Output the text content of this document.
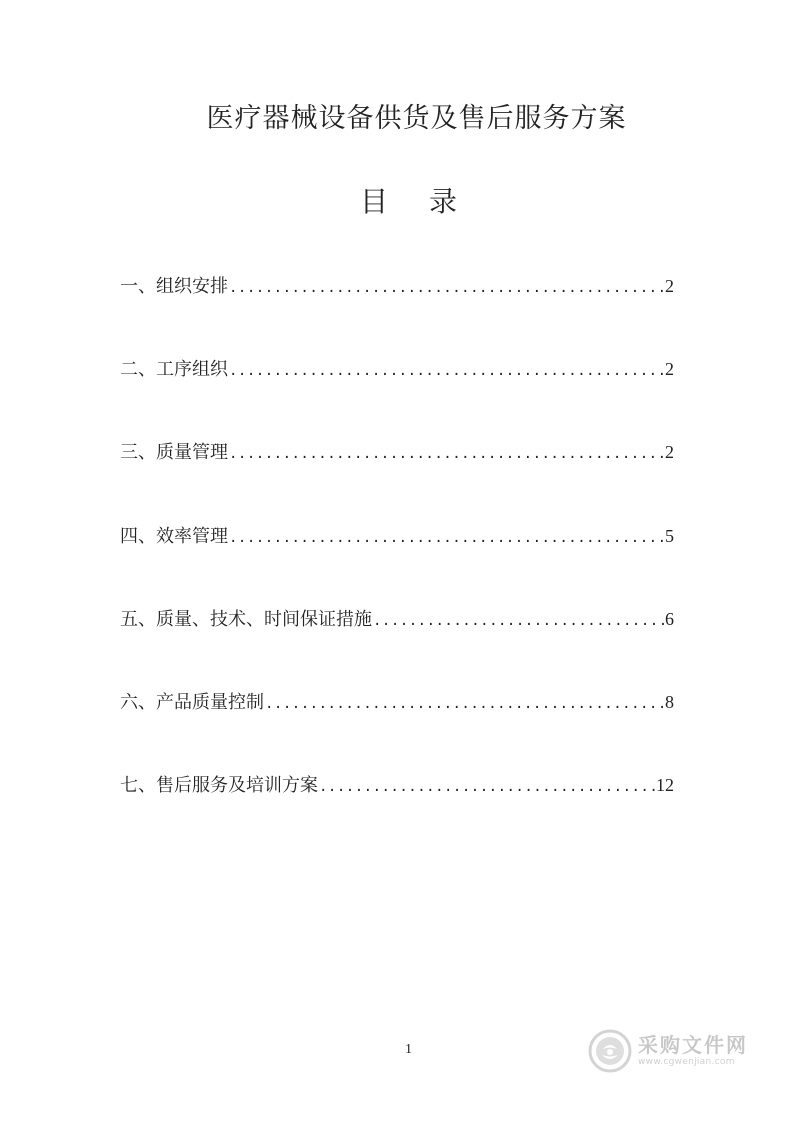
医疗器械设备供货及售后服务方案
目 录
一、组织安排 .....	2
二、工序组织 .....	2
三、质量管理 .....	2
四、效率管理 .....	5
五、质量、技术、时间保证措施 .....	6
六、产品质量控制 .....	8
七、售后服务及培训方案 .....	12
1	采购文件网
www.cgwenjian.com
